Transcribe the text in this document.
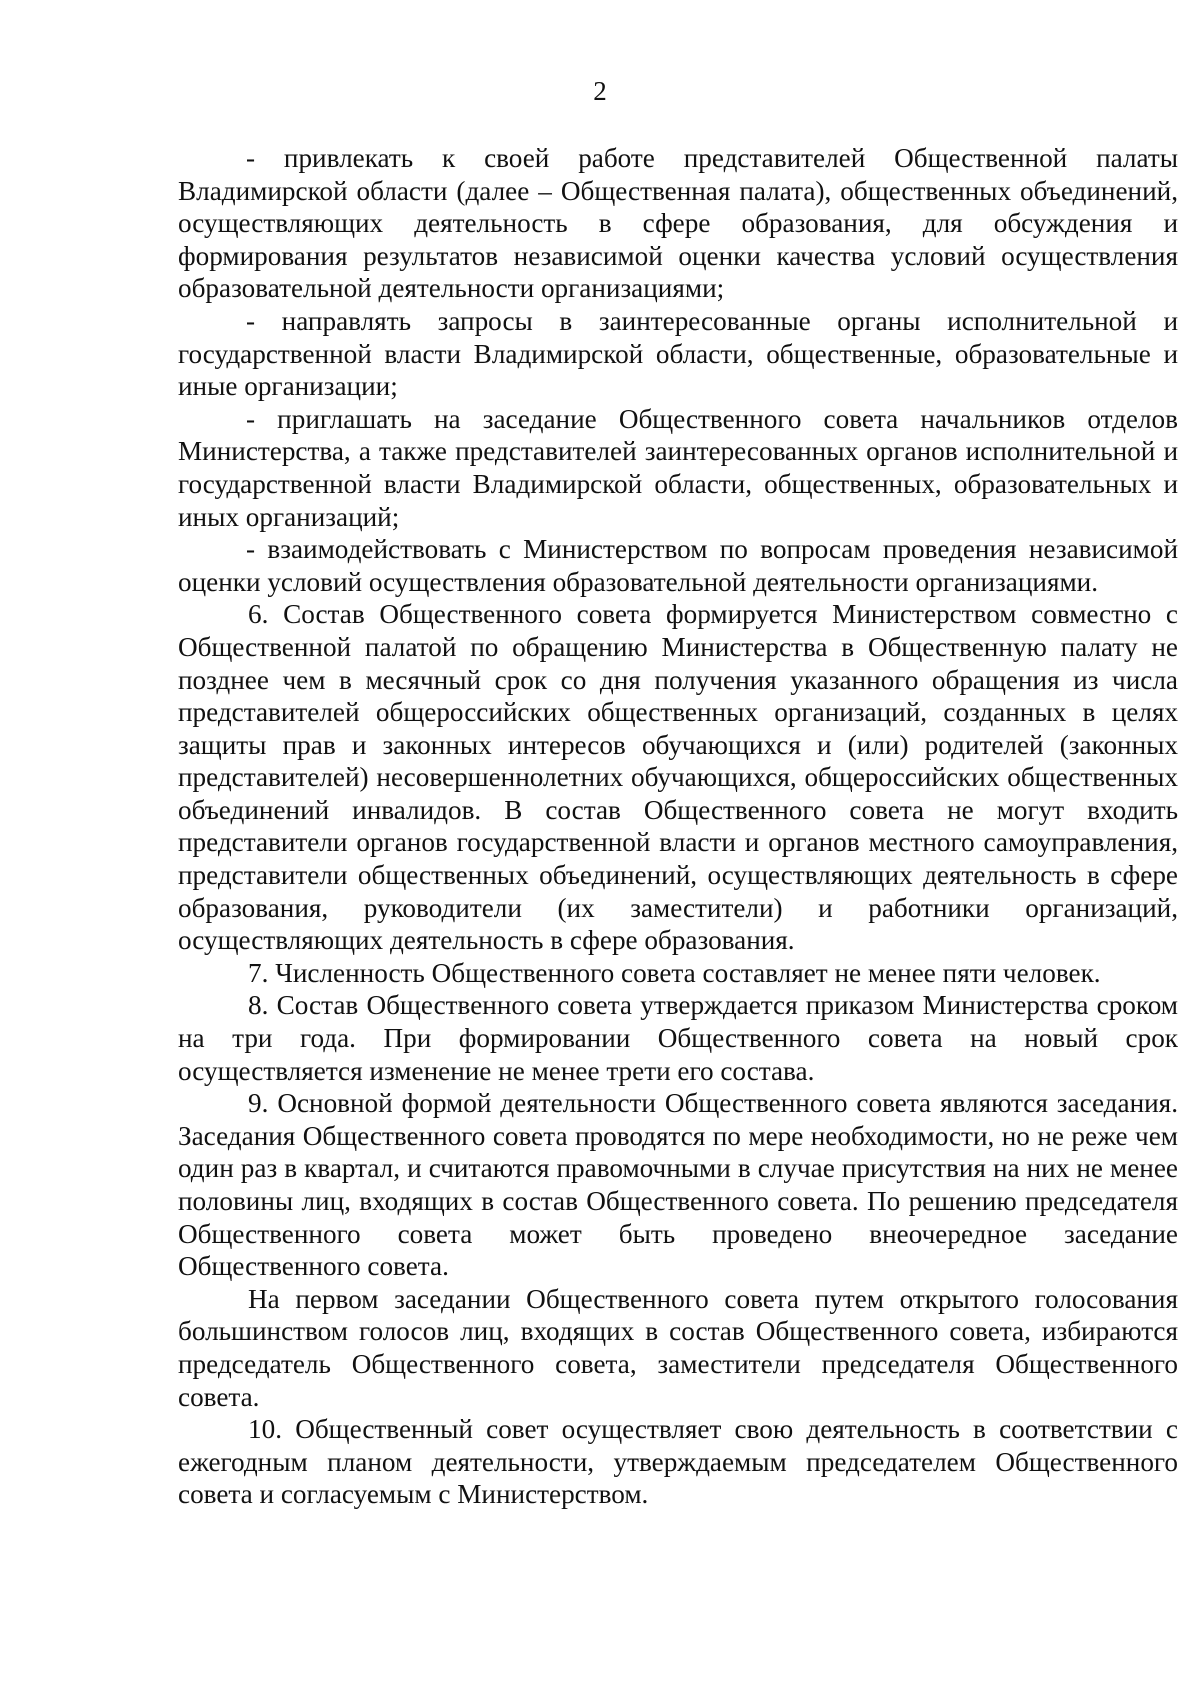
2

- привлекать к своей работе представителей Общественной палаты Владимирской области (далее – Общественная палата), общественных объединений, осуществляющих деятельность в сфере образования, для обсуждения и формирования результатов независимой оценки качества условий осуществления образовательной деятельности организациями;

- направлять запросы в заинтересованные органы исполнительной и государственной власти Владимирской области, общественные, образовательные и иные организации;

- приглашать на заседание Общественного совета начальников отделов Министерства, а также представителей заинтересованных органов исполнительной и государственной власти Владимирской области, общественных, образовательных и иных организаций;

- взаимодействовать с Министерством по вопросам проведения независимой оценки условий осуществления образовательной деятельности организациями.

6. Состав Общественного совета формируется Министерством совместно с Общественной палатой по обращению Министерства в Общественную палату не позднее чем в месячный срок со дня получения указанного обращения из числа представителей общероссийских общественных организаций, созданных в целях защиты прав и законных интересов обучающихся и (или) родителей (законных представителей) несовершеннолетних обучающихся, общероссийских общественных объединений инвалидов. В состав Общественного совета не могут входить представители органов государственной власти и органов местного самоуправления, представители общественных объединений, осуществляющих деятельность в сфере образования, руководители (их заместители) и работники организаций, осуществляющих деятельность в сфере образования.

7. Численность Общественного совета составляет не менее пяти человек.

8. Состав Общественного совета утверждается приказом Министерства сроком на три года. При формировании Общественного совета на новый срок осуществляется изменение не менее трети его состава.

9. Основной формой деятельности Общественного совета являются заседания. Заседания Общественного совета проводятся по мере необходимости, но не реже чем один раз в квартал, и считаются правомочными в случае присутствия на них не менее половины лиц, входящих в состав Общественного совета. По решению председателя Общественного совета может быть проведено внеочередное заседание Общественного совета.

На первом заседании Общественного совета путем открытого голосования большинством голосов лиц, входящих в состав Общественного совета, избираются председатель Общественного совета, заместители председателя Общественного совета.

10. Общественный совет осуществляет свою деятельность в соответствии с ежегодным планом деятельности, утверждаемым председателем Общественного совета и согласуемым с Министерством.
